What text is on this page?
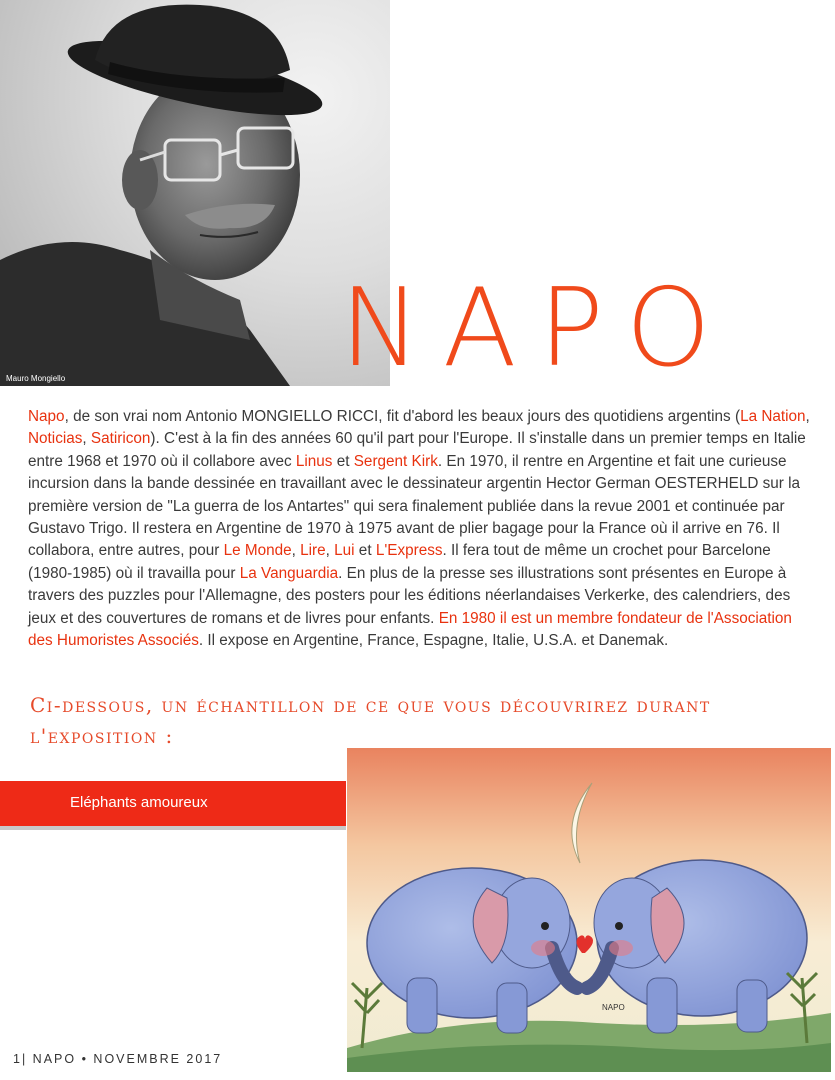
Mauro Mongiello	NAPO
Napo, de son vrai nom Antonio MONGIELLO RICCI, fit d'abord les beaux jours des quotidiens argentins (La Nation, Noticias, Satiricon). C'est à la fin des années 60 qu'il part pour l'Europe. Il s'installe dans un premier temps en Italie entre 1968 et 1970 où il collabore avec Linus et Sergent Kirk. En 1970, il rentre en Argentine et fait une curieuse incursion dans la bande dessinée en travaillant avec le dessinateur argentin Hector German OESTERHELD sur la première version de "La guerra de los Antartes" qui sera finalement publiée dans la revue 2001 et continuée par Gustavo Trigo. Il restera en Argentine de 1970 à 1975 avant de plier bagage pour la France où il arrive en 76. Il collabora, entre autres, pour Le Monde, Lire, Lui et L'Express. Il fera tout de même un crochet pour Barcelone (1980-1985) où il travailla pour La Vanguardia. En plus de la presse ses illustrations sont présentes en Europe à travers des puzzles pour l'Allemagne, des posters pour les éditions néerlandaises Verkerke, des calendriers, des jeux et des couvertures de romans et de livres pour enfants. En 1980 il est un membre fondateur de l'Association des Humoristes Associés. Il expose en Argentine, France, Espagne, Italie, U.S.A. et Danemak.
Ci-dessous, un échantillon de ce que vous découvrirez durant l'exposition :
Eléphants amoureux
NAPO
1| NAPO • NOVEMBRE 2017
